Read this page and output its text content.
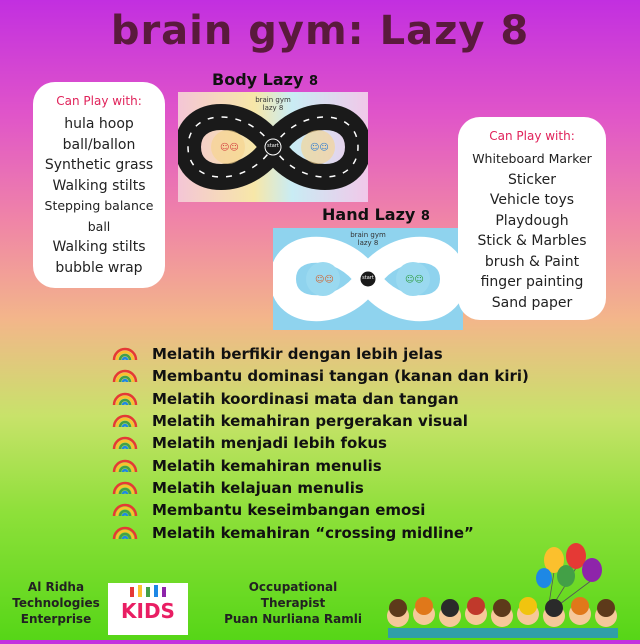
brain gym: Lazy 8
Can Play with:
hula hoop
ball/ballon
Synthetic grass
Walking stilts
Stepping balance ball
Walking stilts
bubble wrap
Body Lazy 8
☺☺	☺☺
brain gym lazy 8
start
Hand Lazy 8
☺☺	☺☺
brain gym lazy 8
start
Can Play with:
Whiteboard Marker
Sticker
Vehicle toys
Playdough
Stick & Marbles
brush & Paint
finger painting
Sand paper
Melatih berfikir dengan lebih jelas
Membantu dominasi tangan (kanan dan kiri)
Melatih koordinasi mata dan tangan
Melatih kemahiran pergerakan visual
Melatih menjadi lebih fokus
Melatih kemahiran menulis
Melatih kelajuan menulis
Membantu keseimbangan emosi
Melatih kemahiran “crossing midline”
Al Ridha
Technologies
Enterprise	KIDS
Occupational
Therapist
Puan Nurliana Ramli
